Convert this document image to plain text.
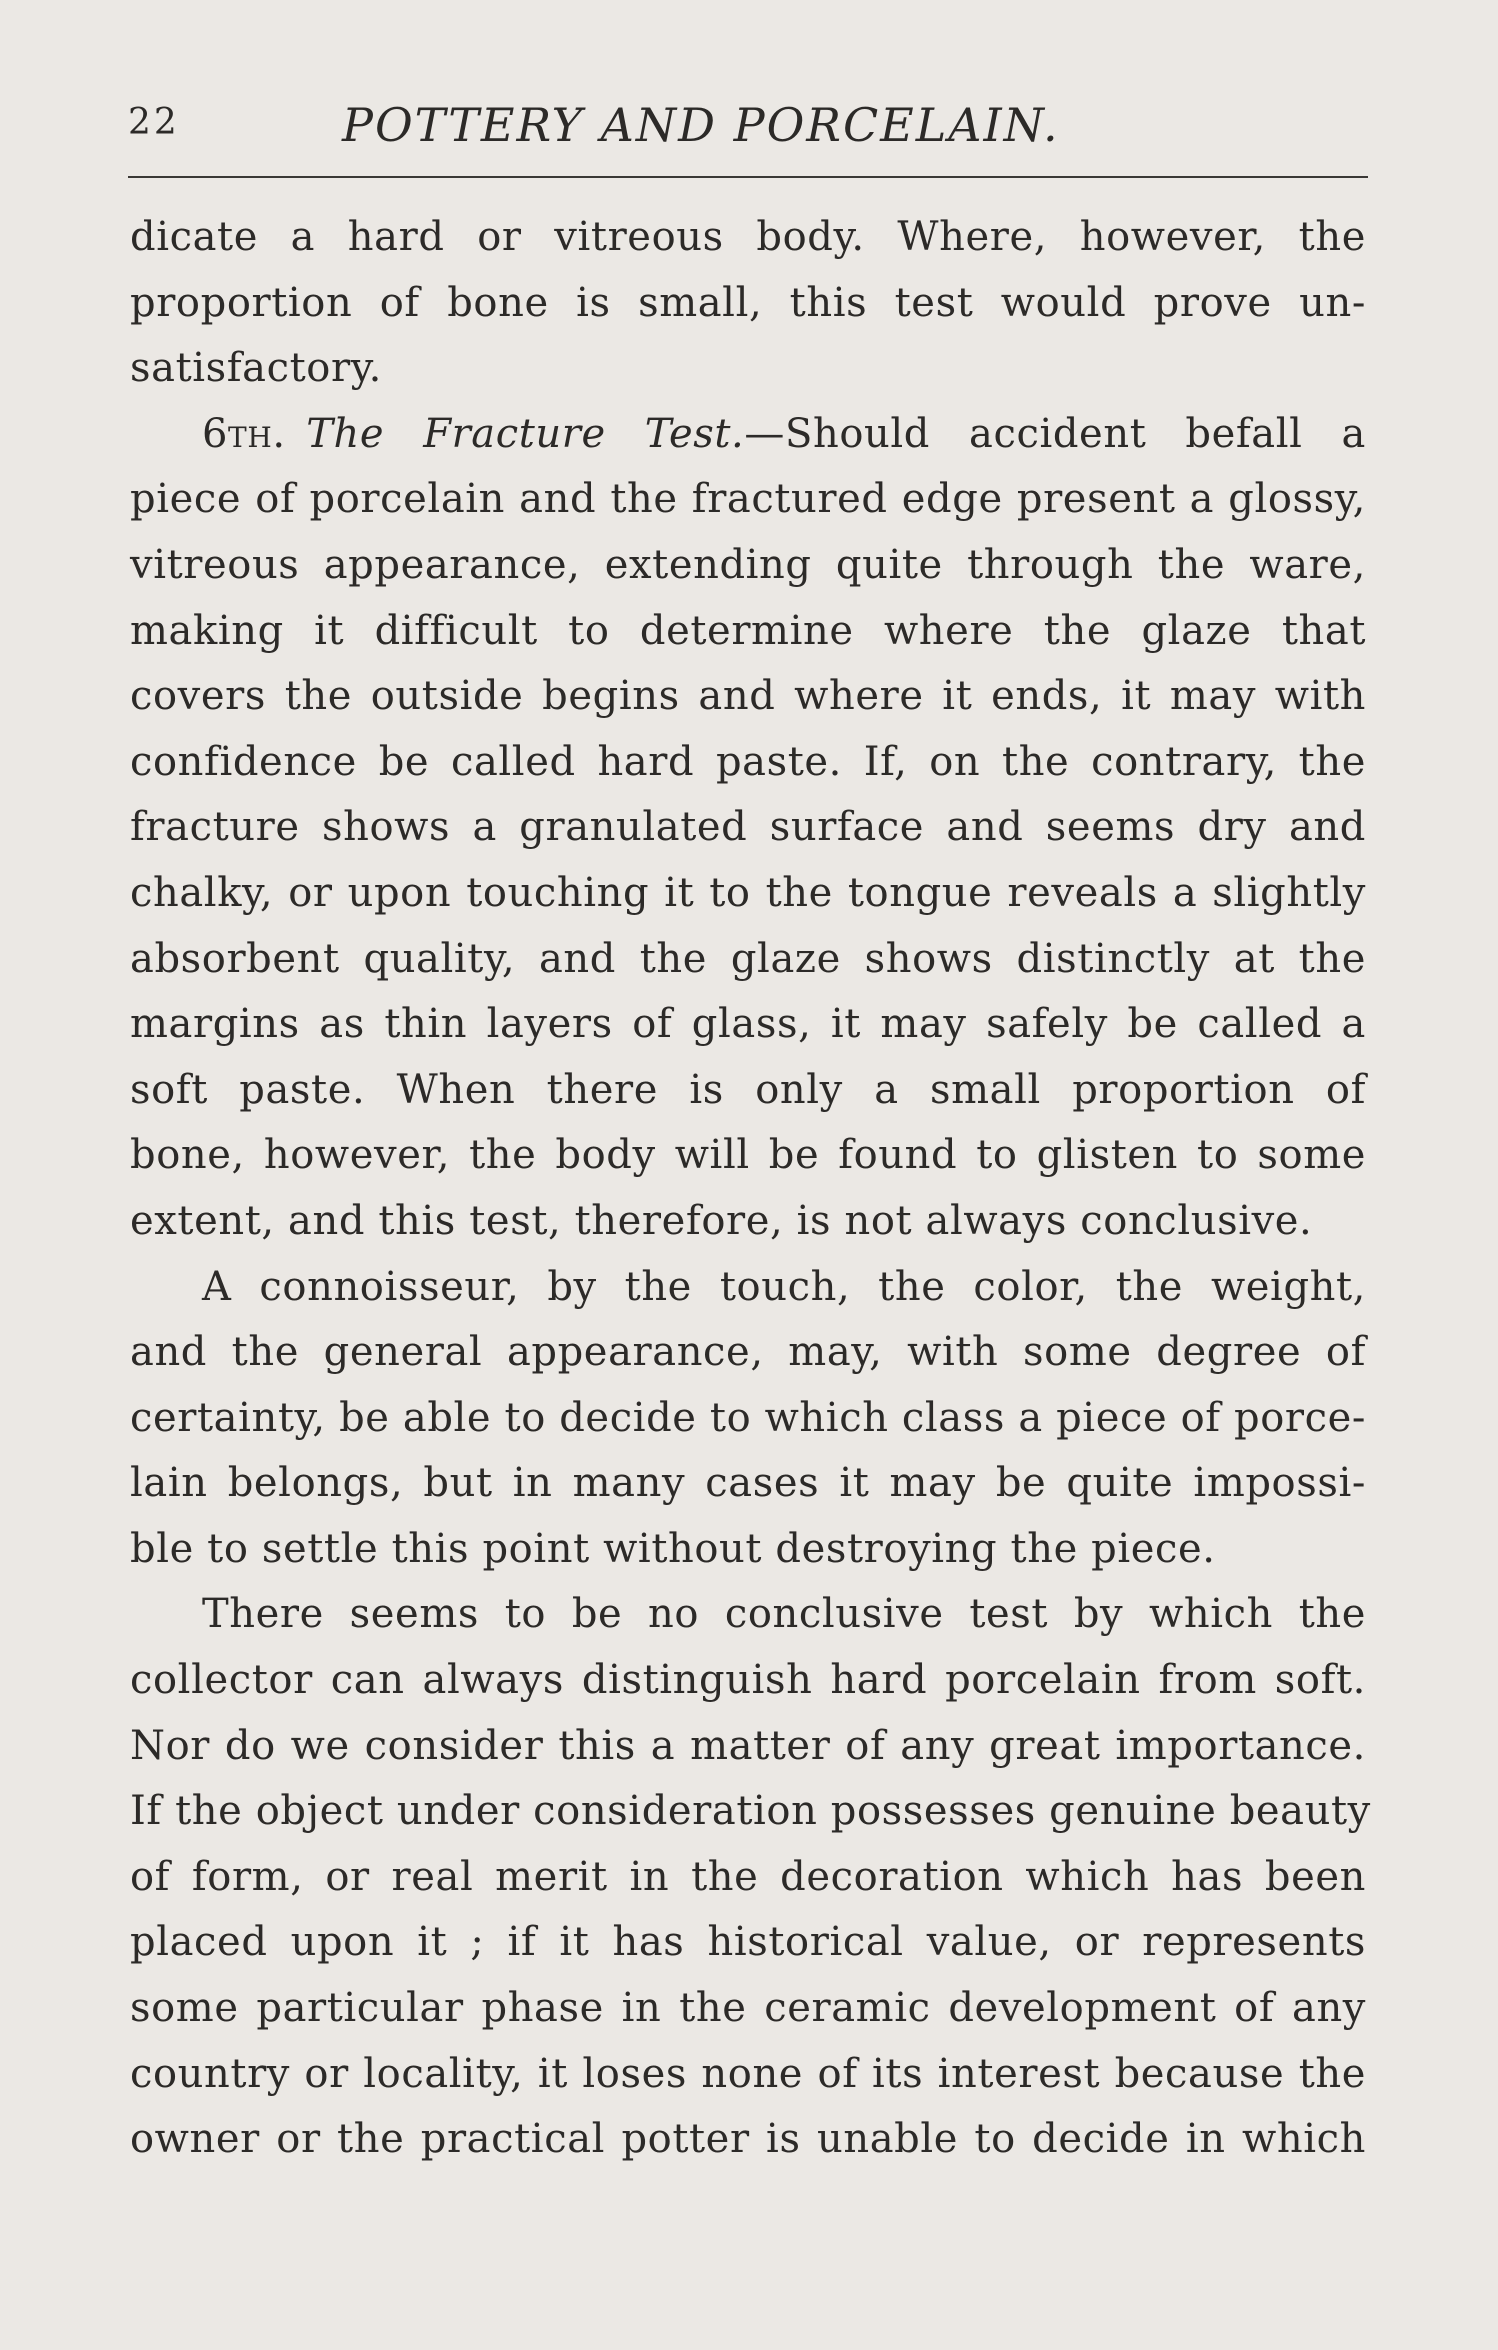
22	POTTERY AND PORCELAIN.
dicate a hard or vitreous body. Where, however, the
proportion of bone is small, this test would prove un-
satisfactory.
6th.  The Fracture Test.—Should accident befall a
piece of porcelain and the fractured edge present a glossy,
vitreous appearance, extending quite through the ware,
making it difficult to determine where the glaze that
covers the outside begins and where it ends, it may with
confidence be called hard paste. If, on the contrary, the
fracture shows a granulated surface and seems dry and
chalky, or upon touching it to the tongue reveals a slightly
absorbent quality, and the glaze shows distinctly at the
margins as thin layers of glass, it may safely be called a
soft paste. When there is only a small proportion of
bone, however, the body will be found to glisten to some
extent, and this test, therefore, is not always conclusive.
A connoisseur, by the touch, the color, the weight,
and the general appearance, may, with some degree of
certainty, be able to decide to which class a piece of porce-
lain belongs, but in many cases it may be quite impossi-
ble to settle this point without destroying the piece.
There seems to be no conclusive test by which the
collector can always distinguish hard porcelain from soft.
Nor do we consider this a matter of any great importance.
If the object under consideration possesses genuine beauty
of form, or real merit in the decoration which has been
placed upon it ; if it has historical value, or represents
some particular phase in the ceramic development of any
country or locality, it loses none of its interest because the
owner or the practical potter is unable to decide in which
